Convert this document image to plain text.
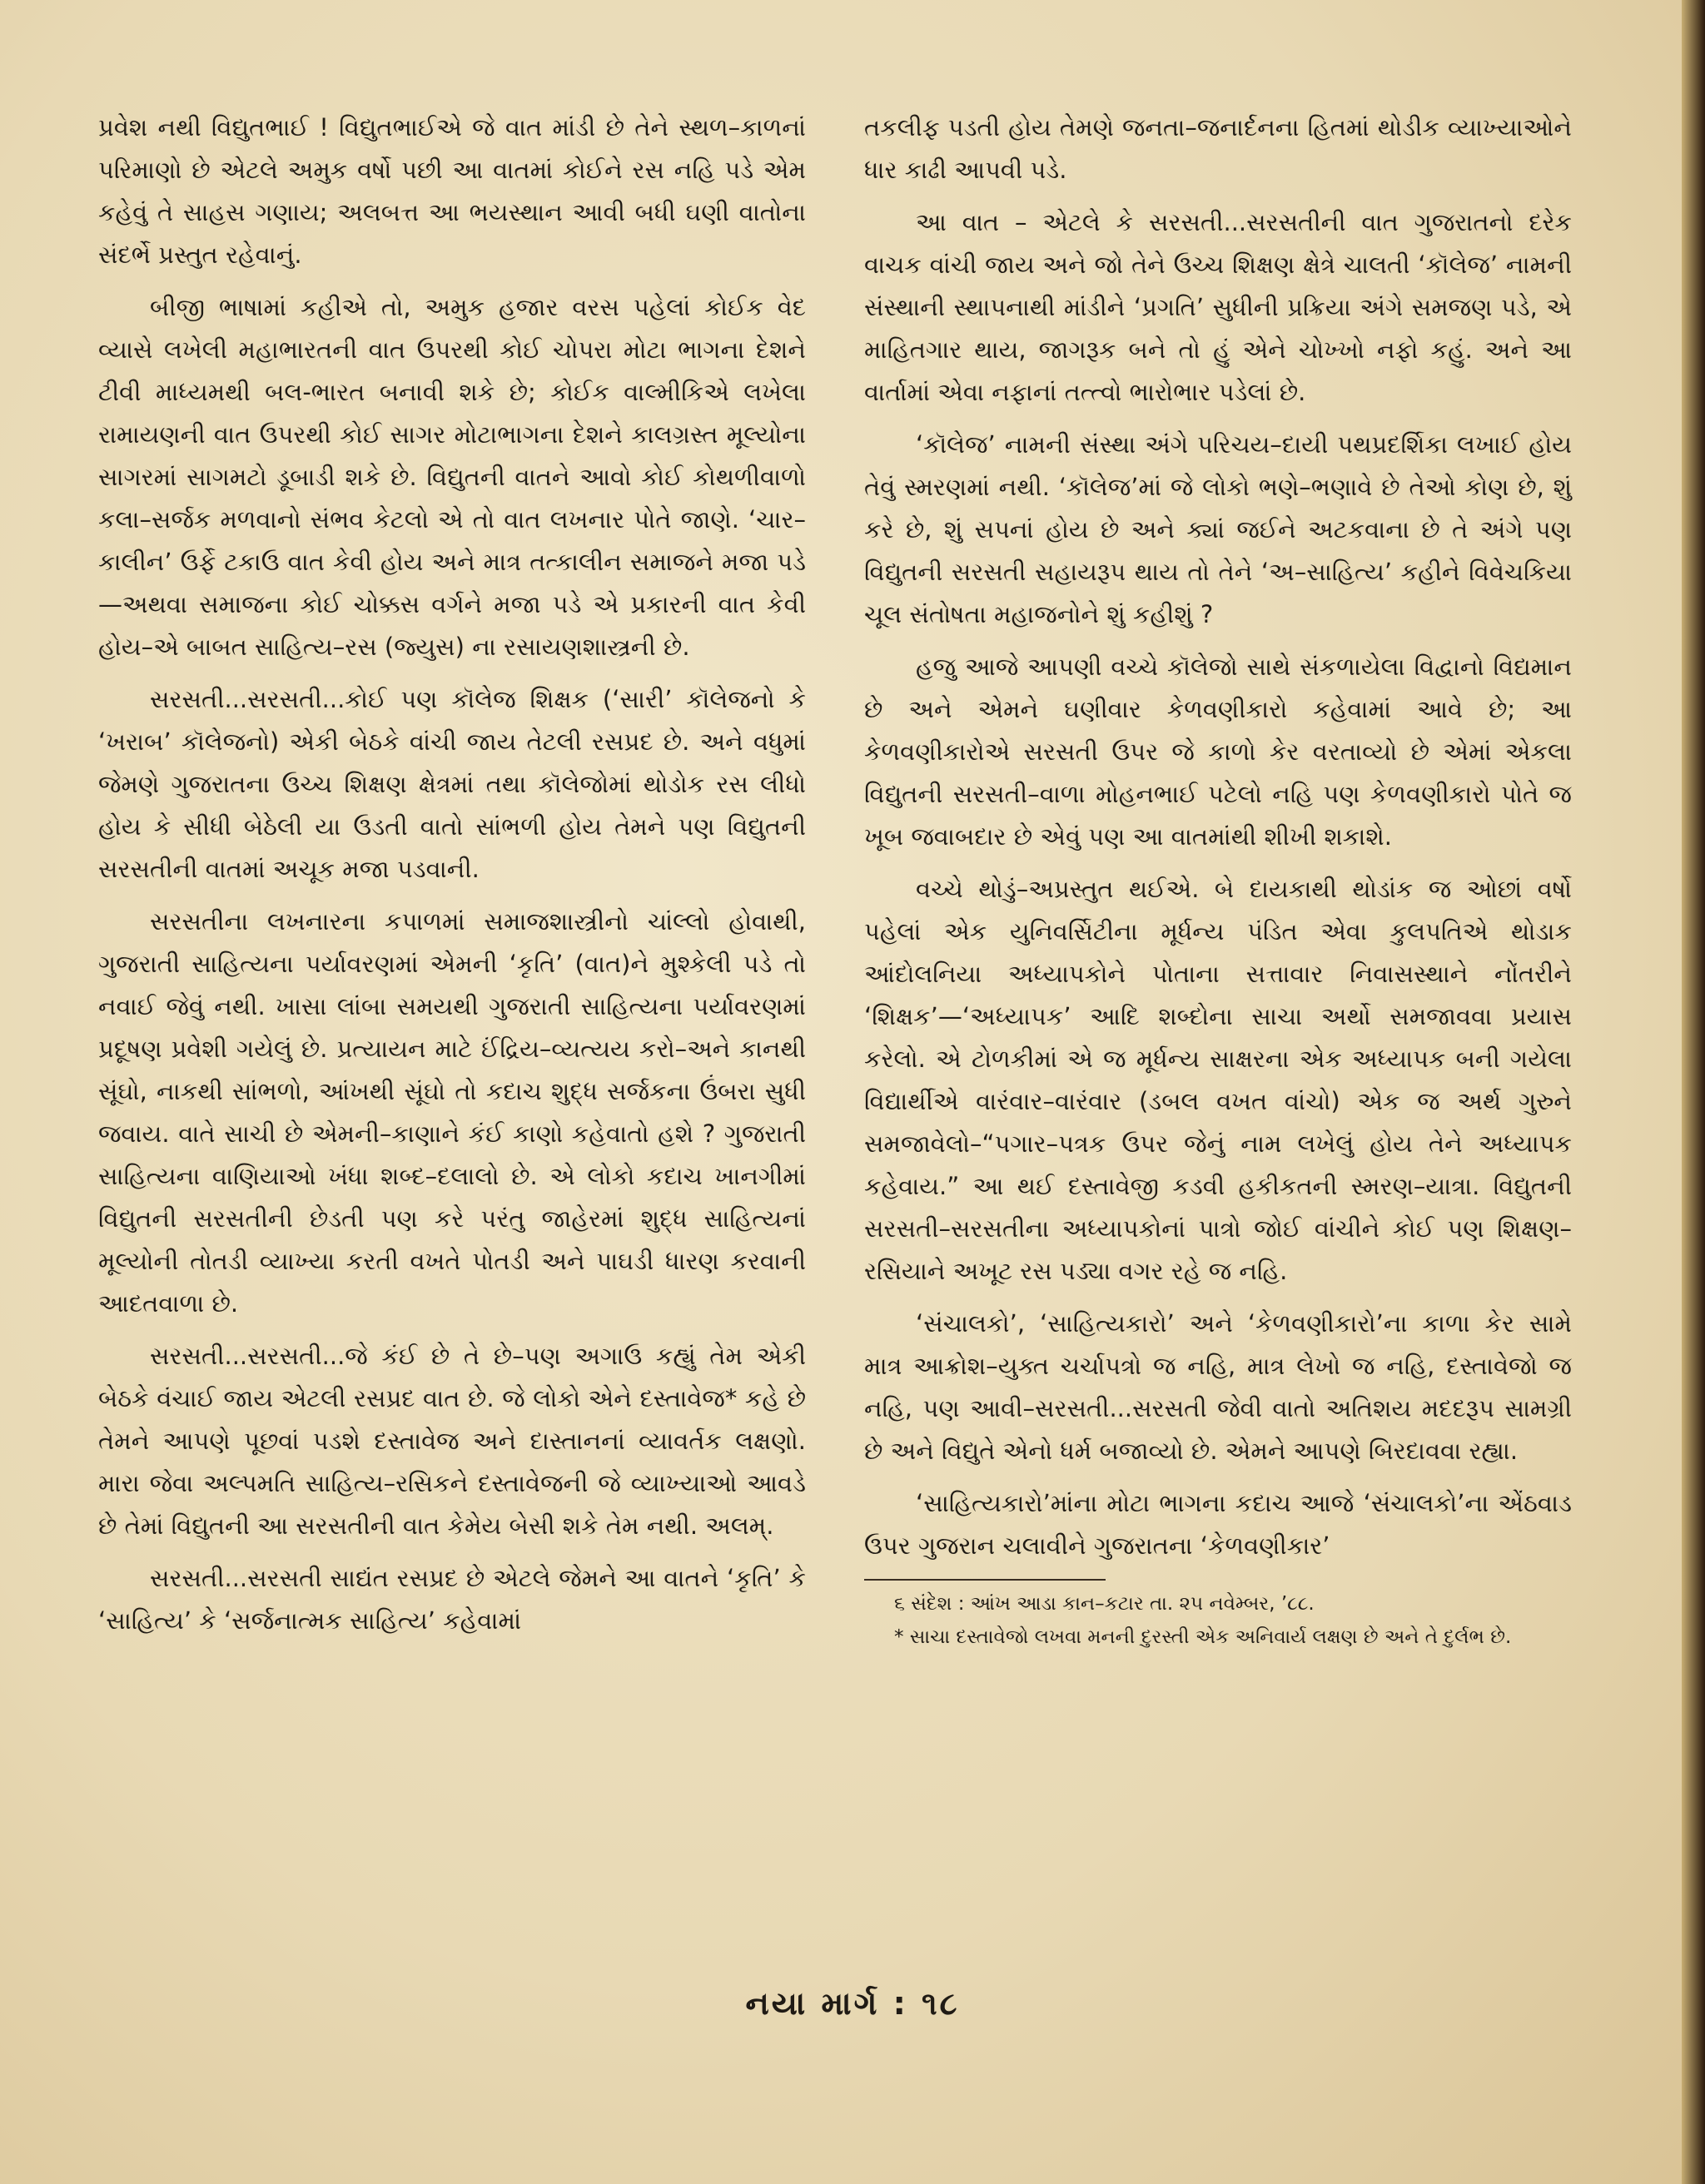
પ્રવેશ નથી વિદ્યુતભાઈ ! વિદ્યુતભાઈએ જે વાત માંડી છે તેને સ્થળ–કાળનાં પરિમાણો છે એટલે અમુક વર્ષો પછી આ વાતમાં કોઈને રસ નહિ પડે એમ કહેવું તે સાહસ ગણાય; અલબત્ત આ ભયસ્થાન આવી બધી ઘણી વાતોના સંદર્ભે પ્રસ્તુત રહેવાનું.

બીજી ભાષામાં કહીએ તો, અમુક હજાર વરસ પહેલાં કોઈક વેદ વ્યાસે લખેલી મહાભારતની વાત ઉપરથી કોઈ ચોપરા મોટા ભાગના દેશને ટીવી માધ્યમથી બલ-ભારત બનાવી શકે છે; કોઈક વાલ્મીકિએ લખેલા રામાયણની વાત ઉપરથી કોઈ સાગર મોટાભાગના દેશને કાલગ્રસ્ત મૂલ્યોના સાગરમાં સાગમટો ડૂબાડી શકે છે. વિદ્યુતની વાતને આવો કોઈ કોથળીવાળો કલા–સર્જક મળવાનો સંભવ કેટલો એ તો વાત લખનાર પોતે જાણે. ‘ચાર–કાલીન’ ઉર્ફે ટકાઉ વાત કેવી હોય અને માત્ર તત્કાલીન સમાજને મજા પડે—અથવા સમાજના કોઈ ચોક્કસ વર્ગને મજા પડે એ પ્રકારની વાત કેવી હોય–એ બાબત સાહિત્ય–રસ (જ્યુસ) ના રસાયણશાસ્ત્રની છે.

સરસતી...સરસતી...કોઈ પણ કૉલેજ શિક્ષક (‘સારી’ કૉલેજનો કે ‘ખરાબ’ કૉલેજનો) એકી બેઠકે વાંચી જાય તેટલી રસપ્રદ છે. અને વધુમાં જેમણે ગુજરાતના ઉચ્ચ શિક્ષણ ક્ષેત્રમાં તથા કૉલેજોમાં થોડોક રસ લીધો હોય કે સીધી બેઠેલી યા ઉડતી વાતો સાંભળી હોય તેમને પણ વિદ્યુતની સરસતીની વાતમાં અચૂક મજા પડવાની.

સરસતીના લખનારના કપાળમાં સમાજશાસ્ત્રીનો ચાંલ્લો હોવાથી, ગુજરાતી સાહિત્યના પર્યાવરણમાં એમની ‘કૃતિ’ (વાત)ને મુશ્કેલી પડે તો નવાઈ જેવું નથી. ખાસા લાંબા સમયથી ગુજરાતી સાહિત્યના પર્યાવરણમાં પ્રદૂષણ પ્રવેશી ગયેલું છે. પ્રત્યાયન માટે ઈંદ્રિય–વ્યત્યય કરો–અને કાનથી સૂંઘો, નાકથી સાંભળો, આંખથી સૂંઘો તો કદાચ શુદ્ધ સર્જકના ઉંબરા સુધી જવાય. વાતે સાચી છે એમની–કાણાને કંઈ કાણો કહેવાતો હશે ? ગુજરાતી સાહિત્યના વાણિયાઓ ખંધા શબ્દ–દલાલો છે. એ લોકો કદાચ ખાનગીમાં વિદ્યુતની સરસતીની છેડતી પણ કરે પરંતુ જાહેરમાં શુદ્ધ સાહિત્યનાં મૂલ્યોની તોતડી વ્યાખ્યા કરતી વખતે પોતડી અને પાઘડી ધારણ કરવાની આદતવાળા છે.

સરસતી...સરસતી...જે કંઈ છે તે છે–પણ અગાઉ કહ્યું તેમ એકી બેઠકે વંચાઈ જાય એટલી રસપ્રદ વાત છે. જે લોકો એને દસ્તાવેજ* કહે છે તેમને આપણે પૂછવાં પડશે દસ્તાવેજ અને દાસ્તાનનાં વ્યાવર્તક લક્ષણો. મારા જેવા અલ્પમતિ સાહિત્ય–રસિકને દસ્તાવેજની જે વ્યાખ્યાઓ આવડે છે તેમાં વિદ્યુતની આ સરસતીની વાત કેમેય બેસી શકે તેમ નથી. અલમ્.

સરસતી...સરસતી સાદ્યંત રસપ્રદ છે એટલે જેમને આ વાતને ‘કૃતિ’ કે ‘સાહિત્ય’ કે ‘સર્જનાત્મક સાહિત્ય’ કહેવામાં

તકલીફ પડતી હોય તેમણે જનતા–જનાર્દનના હિતમાં થોડીક વ્યાખ્યાઓને ધાર કાઢી આપવી પડે.

આ વાત – એટલે કે સરસતી...સરસતીની વાત ગુજરાતનો દરેક વાચક વાંચી જાય અને જો તેને ઉચ્ચ શિક્ષણ ક્ષેત્રે ચાલતી ‘કૉલેજ’ નામની સંસ્થાની સ્થાપનાથી માંડીને ‘પ્રગતિ’ સુધીની પ્રક્રિયા અંગે સમજણ પડે, એ માહિતગાર થાય, જાગરૂક બને તો હું એને ચોખ્ખો નફો કહું. અને આ વાર્તામાં એવા નફાનાં તત્ત્વો ભારોભાર પડેલાં છે.

‘કૉલેજ’ નામની સંસ્થા અંગે પરિચય–દાયી પથપ્રદર્શિકા લખાઈ હોય તેવું સ્મરણમાં નથી. ‘કૉલેજ’માં જે લોકો ભણે–ભણાવે છે તેઓ કોણ છે, શું કરે છે, શું સપનાં હોય છે અને ક્યાં જઈને અટકવાના છે તે અંગે પણ વિદ્યુતની સરસતી સહાયરૂપ થાય તો તેને ‘અ–સાહિત્ય’ કહીને વિવેચકિયા ચૂલ સંતોષતા મહાજનોને શું કહીશું ?

હજુ આજે આપણી વચ્ચે કૉલેજો સાથે સંકળાયેલા વિદ્વાનો વિદ્યમાન છે અને એમને ઘણીવાર કેળવણીકારો કહેવામાં આવે છે; આ કેળવણીકારોએ સરસતી ઉપર જે કાળો કેર વરતાવ્યો છે એમાં એકલા વિદ્યુતની સરસતી–વાળા મોહનભાઈ પટેલો નહિ પણ કેળવણીકારો પોતે જ ખૂબ જવાબદાર છે એવું પણ આ વાતમાંથી શીખી શકાશે.

વચ્ચે થોડું–અપ્રસ્તુત થઈએ. બે દાયકાથી થોડાંક જ ઓછાં વર્ષો પહેલાં એક યુનિવર્સિટીના મૂર્ધન્ય પંડિત એવા કુલપતિએ થોડાક આંદોલનિયા અધ્યાપકોને પોતાના સત્તાવાર નિવાસસ્થાને નોંતરીને ‘શિક્ષક’—‘અધ્યાપક’ આદિ શબ્દોના સાચા અર્થો સમજાવવા પ્રયાસ કરેલો. એ ટોળકીમાં એ જ મૂર્ધન્ય સાક્ષરના એક અધ્યાપક બની ગયેલા વિદ્યાર્થીએ વારંવાર–વારંવાર (ડબલ વખત વાંચો) એક જ અર્થ ગુરુને સમજાવેલો–“પગાર–પત્રક ઉપર જેનું નામ લખેલું હોય તેને અધ્યાપક કહેવાય.” આ થઈ દસ્તાવેજી કડવી હકીકતની સ્મરણ–યાત્રા. વિદ્યુતની સરસતી–સરસતીના અધ્યાપકોનાં પાત્રો જોઈ વાંચીને કોઈ પણ શિક્ષણ–રસિયાને અખૂટ રસ પડ્યા વગર રહે જ નહિ.

‘સંચાલકો’, ‘સાહિત્યકારો’ અને ‘કેળવણીકારો’ના કાળા કેર સામે માત્ર આક્રોશ–યુક્ત ચર્ચાપત્રો જ નહિ, માત્ર લેખો જ નહિ, દસ્તાવેજો જ નહિ, પણ આવી–સરસતી...સરસતી જેવી વાતો અતિશય મદદરૂપ સામગ્રી છે અને વિદ્યુતે એનો ધર્મ બજાવ્યો છે. એમને આપણે બિરદાવવા રહ્યા.

‘સાહિત્યકારો’માંના મોટા ભાગના કદાચ આજે ‘સંચાલકો’ના એંઠવાડ ઉપર ગુજરાન ચલાવીને ગુજરાતના ‘કેળવણીકાર’

૬ સંદેશ : આંખ આડા કાન–કટાર તા. ૨૫ નવેમ્બર, ’૮૮.

* સાચા દસ્તાવેજો લખવા મનની દુરસ્તી એક અનિવાર્ય લક્ષણ છે અને તે દુર્લભ છે.

નયા માર્ગ : ૧૮
